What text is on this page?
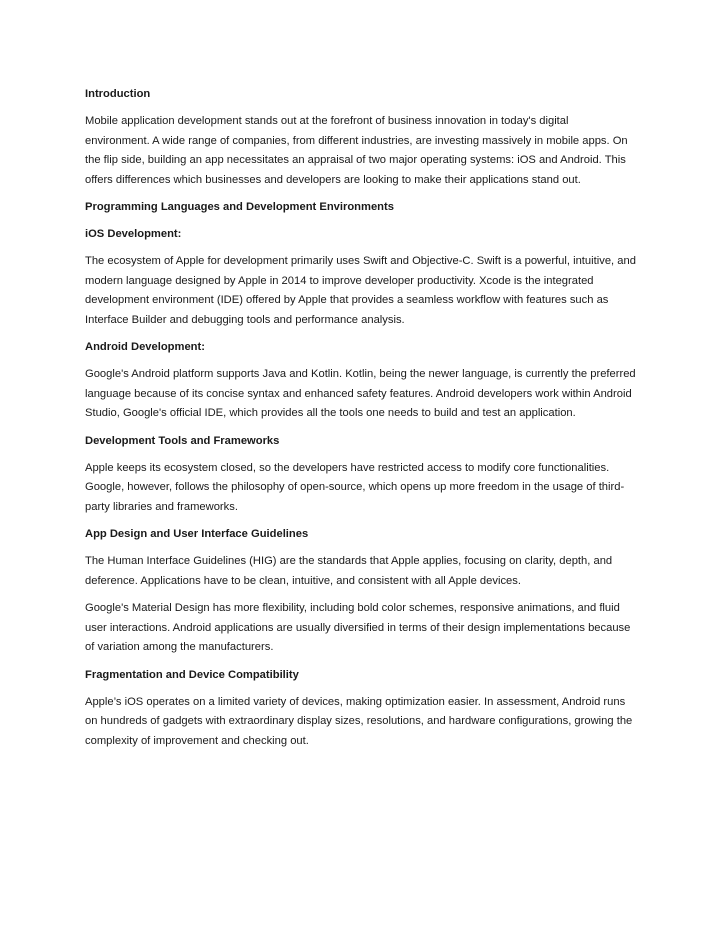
Introduction
Mobile application development stands out at the forefront of business innovation in today's digital environment. A wide range of companies, from different industries, are investing massively in mobile apps. On the flip side, building an app necessitates an appraisal of two major operating systems: iOS and Android. This offers differences which businesses and developers are looking to make their applications stand out.
Programming Languages and Development Environments
iOS Development:
The ecosystem of Apple for development primarily uses Swift and Objective-C. Swift is a powerful, intuitive, and modern language designed by Apple in 2014 to improve developer productivity. Xcode is the integrated development environment (IDE) offered by Apple that provides a seamless workflow with features such as Interface Builder and debugging tools and performance analysis.
Android Development:
Google's Android platform supports Java and Kotlin. Kotlin, being the newer language, is currently the preferred language because of its concise syntax and enhanced safety features. Android developers work within Android Studio, Google's official IDE, which provides all the tools one needs to build and test an application.
Development Tools and Frameworks
Apple keeps its ecosystem closed, so the developers have restricted access to modify core functionalities. Google, however, follows the philosophy of open-source, which opens up more freedom in the usage of third-party libraries and frameworks.
App Design and User Interface Guidelines
The Human Interface Guidelines (HIG) are the standards that Apple applies, focusing on clarity, depth, and deference. Applications have to be clean, intuitive, and consistent with all Apple devices.
Google's Material Design has more flexibility, including bold color schemes, responsive animations, and fluid user interactions. Android applications are usually diversified in terms of their design implementations because of variation among the manufacturers.
Fragmentation and Device Compatibility
Apple’s iOS operates on a limited variety of devices, making optimization easier. In assessment, Android runs on hundreds of gadgets with extraordinary display sizes, resolutions, and hardware configurations, growing the complexity of improvement and checking out.
